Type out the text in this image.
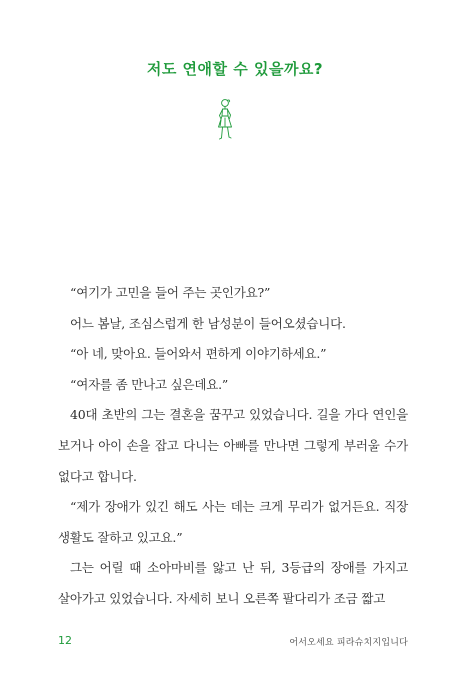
저도 연애할 수 있을까요?

“여기가 고민을 들어 주는 곳인가요?”

어느 봄날, 조심스럽게 한 남성분이 들어오셨습니다.

“아 네, 맞아요. 들어와서 편하게 이야기하세요.”

“여자를 좀 만나고 싶은데요.”

40대 초반의 그는 결혼을 꿈꾸고 있었습니다. 길을 가다 연인을 보거나 아이 손을 잡고 다니는 아빠를 만나면 그렇게 부러울 수가 없다고 합니다.

“제가 장애가 있긴 해도 사는 데는 크게 무리가 없거든요. 직장 생활도 잘하고 있고요.”

그는 어릴 때 소아마비를 앓고 난 뒤, 3등급의 장애를 가지고 살아가고 있었습니다. 자세히 보니 오른쪽 팔다리가 조금 짧고

12	어서오세요 피라슈치지입니다
